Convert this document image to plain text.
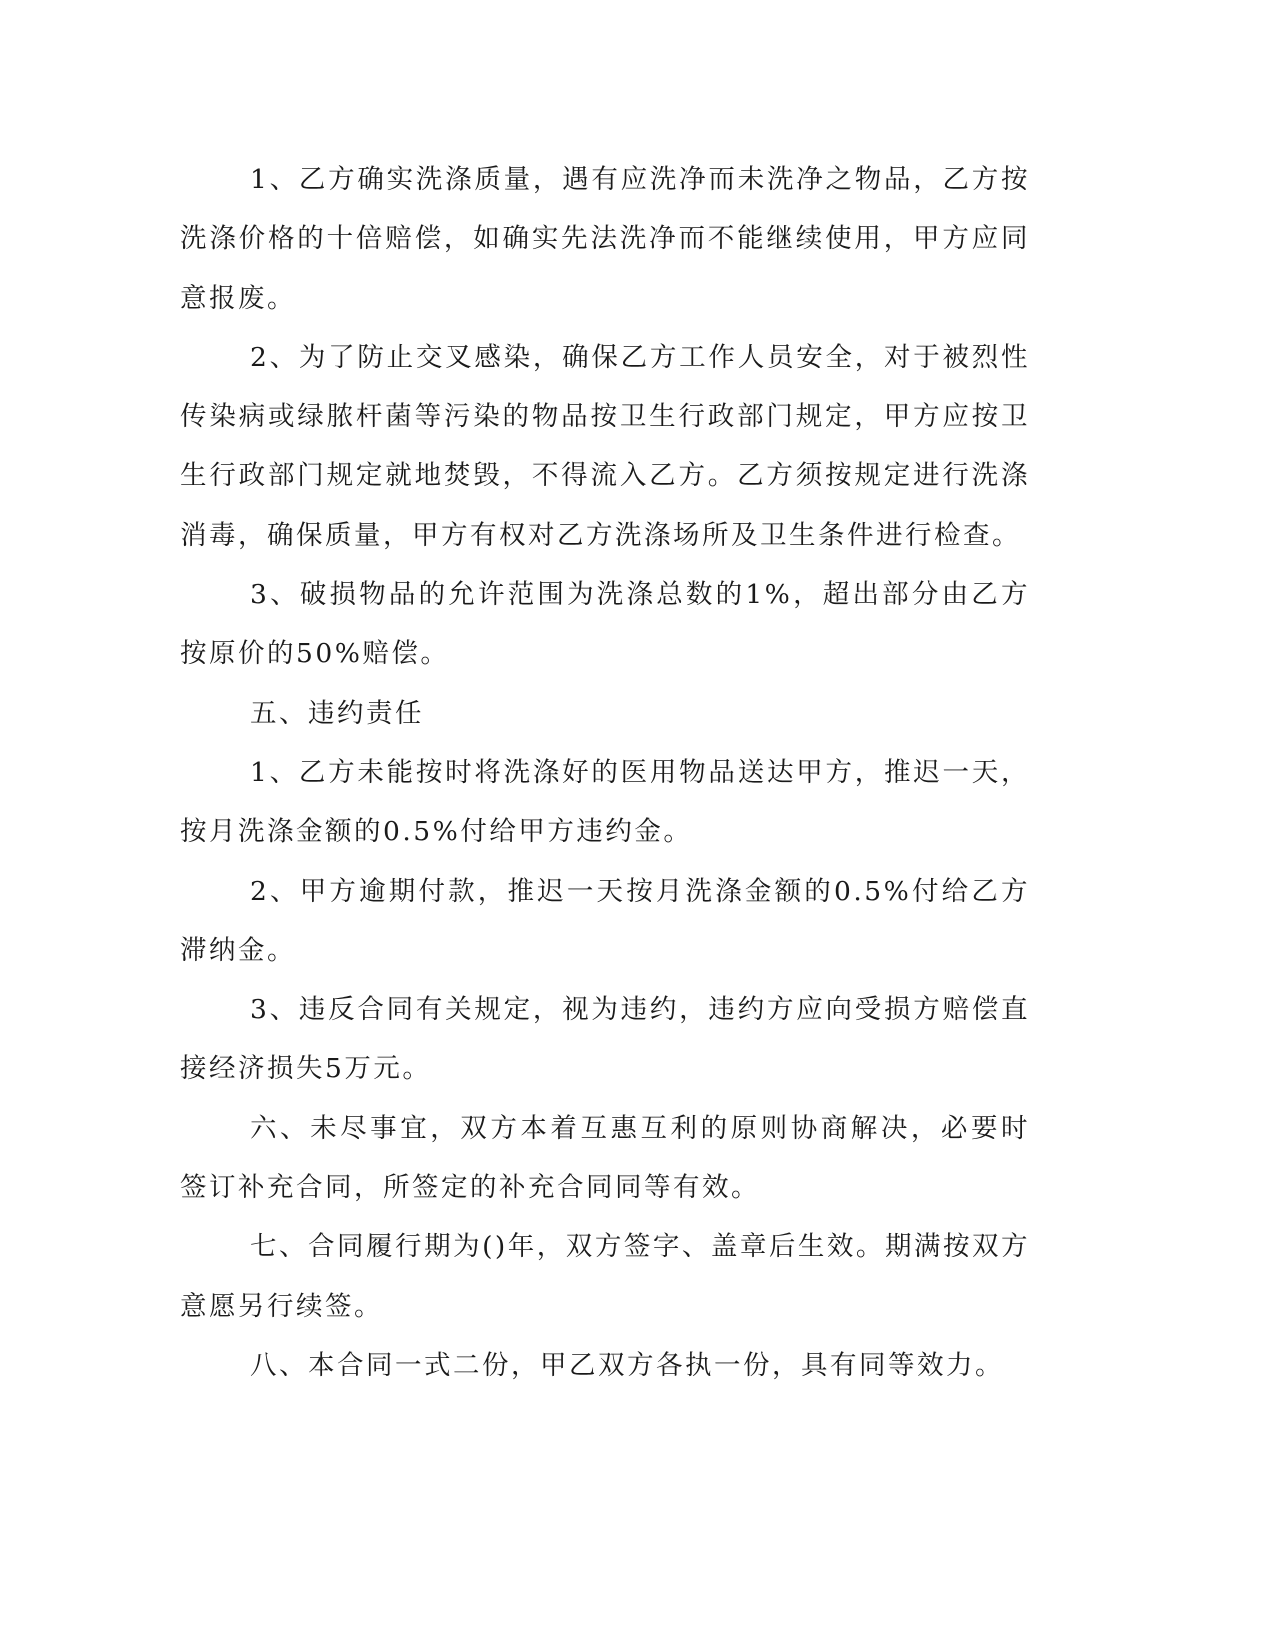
1、乙方确实洗涤质量，遇有应洗净而未洗净之物品，乙方按洗涤价格的十倍赔偿，如确实先法洗净而不能继续使用，甲方应同意报废。

2、为了防止交叉感染，确保乙方工作人员安全，对于被烈性传染病或绿脓杆菌等污染的物品按卫生行政部门规定，甲方应按卫生行政部门规定就地焚毁，不得流入乙方。乙方须按规定进行洗涤消毒，确保质量，甲方有权对乙方洗涤场所及卫生条件进行检查。

3、破损物品的允许范围为洗涤总数的1%，超出部分由乙方按原价的50%赔偿。

五、违约责任

1、乙方未能按时将洗涤好的医用物品送达甲方，推迟一天，按月洗涤金额的0.5%付给甲方违约金。

2、甲方逾期付款，推迟一天按月洗涤金额的0.5%付给乙方滞纳金。

3、违反合同有关规定，视为违约，违约方应向受损方赔偿直接经济损失5万元。

六、未尽事宜，双方本着互惠互利的原则协商解决，必要时签订补充合同，所签定的补充合同同等有效。

七、合同履行期为()年，双方签字、盖章后生效。期满按双方意愿另行续签。

八、本合同一式二份，甲乙双方各执一份，具有同等效力。
